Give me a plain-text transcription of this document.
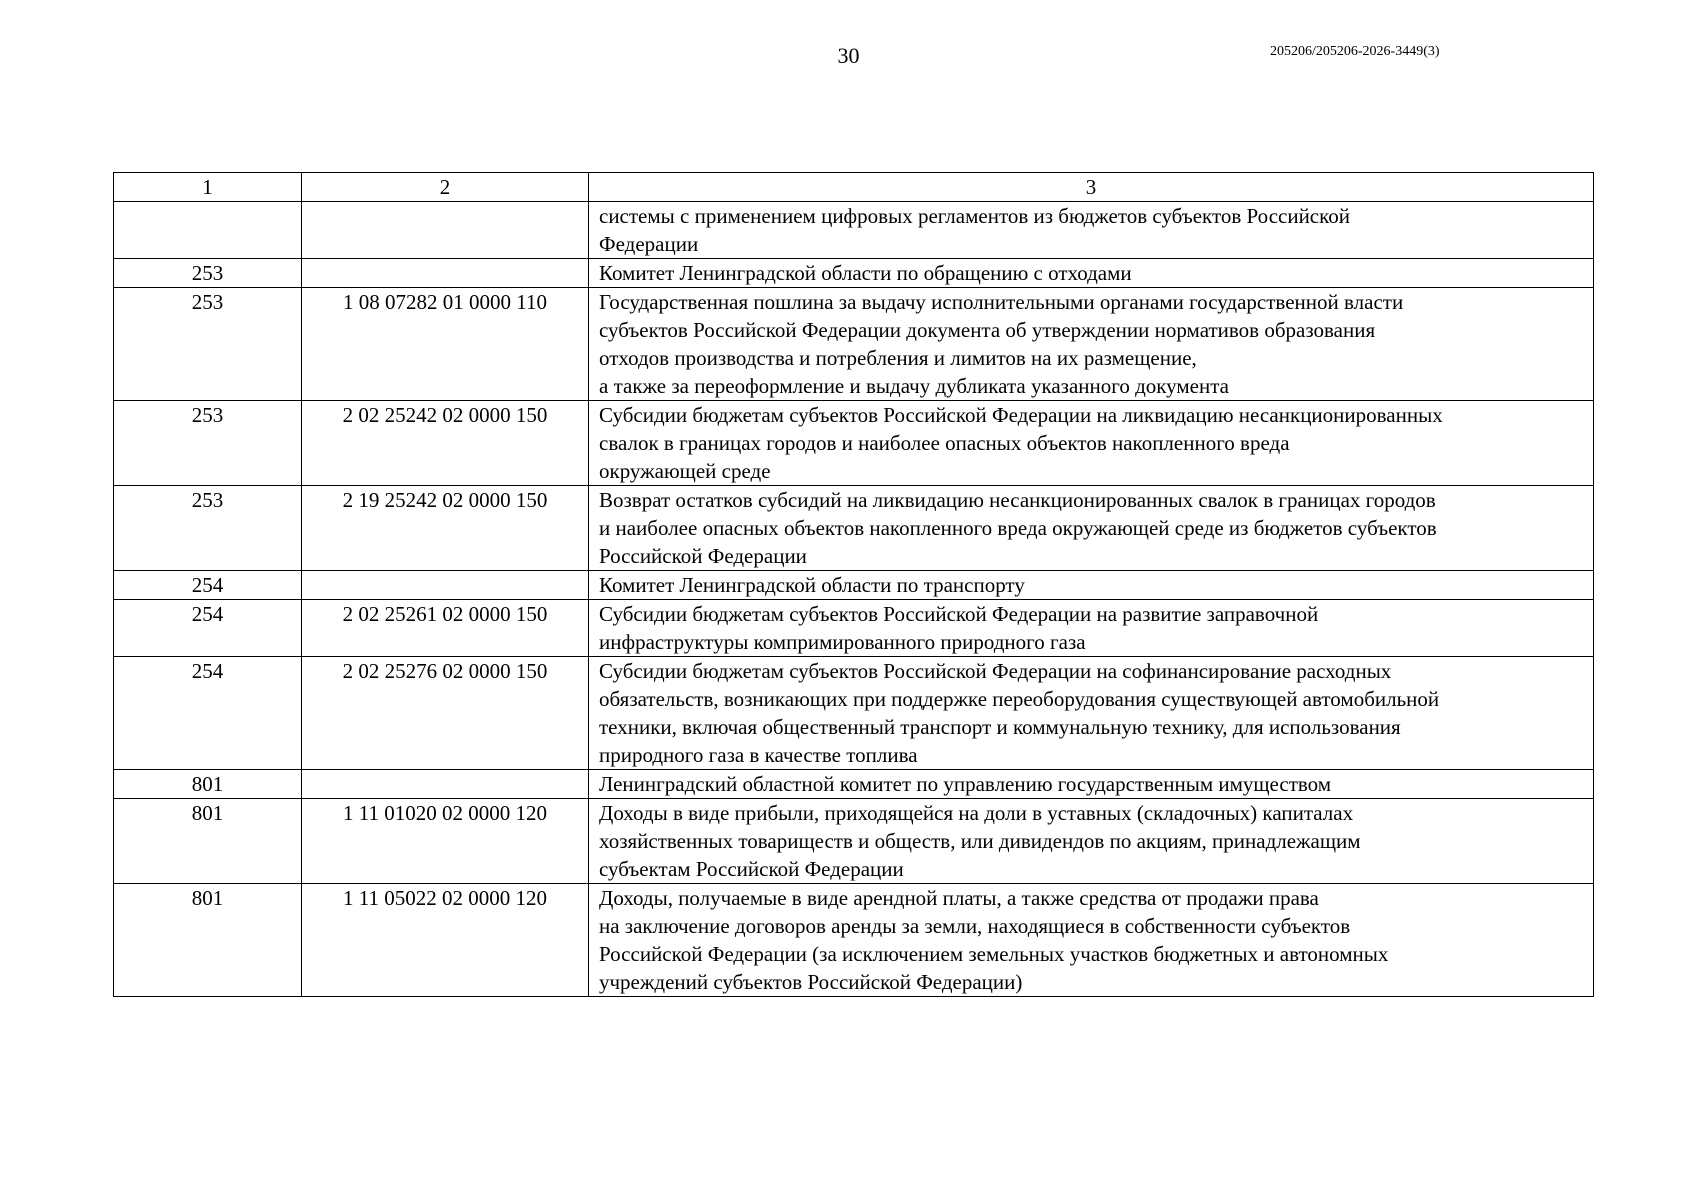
30	205206/205206-2026-3449(3)
1	2	3

		системы с применением цифровых регламентов из бюджетов субъектов Российской
Федерации

253		Комитет Ленинградской области по обращению с отходами

253	1 08 07282 01 0000 110	Государственная пошлина за выдачу исполнительными органами государственной власти
субъектов Российской Федерации документа об утверждении нормативов образования
отходов производства и потребления и лимитов на их размещение,
а также за переоформление и выдачу дубликата указанного документа

253	2 02 25242 02 0000 150	Субсидии бюджетам субъектов Российской Федерации на ликвидацию несанкционированных
свалок в границах городов и наиболее опасных объектов накопленного вреда
окружающей среде

253	2 19 25242 02 0000 150	Возврат остатков субсидий на ликвидацию несанкционированных свалок в границах городов
и наиболее опасных объектов накопленного вреда окружающей среде из бюджетов субъектов
Российской Федерации

254		Комитет Ленинградской области по транспорту

254	2 02 25261 02 0000 150	Субсидии бюджетам субъектов Российской Федерации на развитие заправочной
инфраструктуры компримированного природного газа

254	2 02 25276 02 0000 150	Субсидии бюджетам субъектов Российской Федерации на софинансирование расходных
обязательств, возникающих при поддержке переоборудования существующей автомобильной
техники, включая общественный транспорт и коммунальную технику, для использования
природного газа в качестве топлива

801		Ленинградский областной комитет по управлению государственным имуществом

801	1 11 01020 02 0000 120	Доходы в виде прибыли, приходящейся на доли в уставных (складочных) капиталах
хозяйственных товариществ и обществ, или дивидендов по акциям, принадлежащим
субъектам Российской Федерации

801	1 11 05022 02 0000 120	Доходы, получаемые в виде арендной платы, а также средства от продажи права
на заключение договоров аренды за земли, находящиеся в собственности субъектов
Российской Федерации (за исключением земельных участков бюджетных и автономных
учреждений субъектов Российской Федерации)
